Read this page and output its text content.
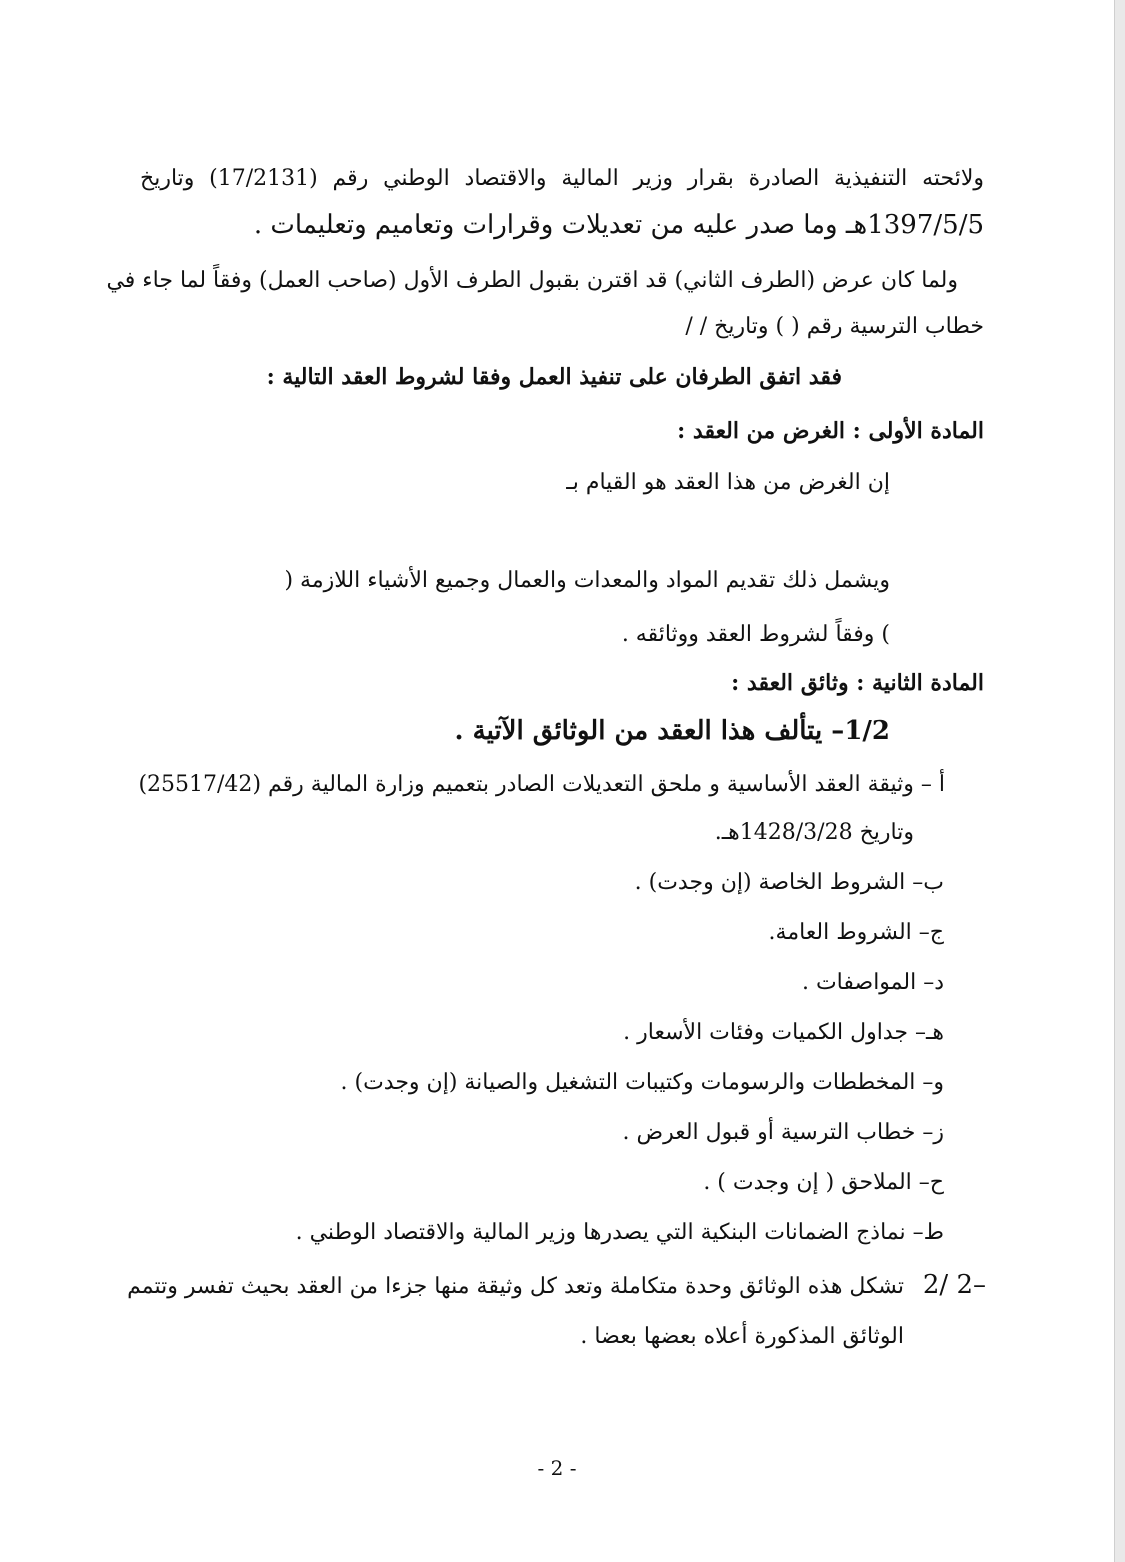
ولائحته التنفيذية الصادرة بقرار وزير المالية والاقتصاد الوطني رقم (17/2131) وتاريخ
1397/5/5هـ وما صدر عليه من تعديلات وقرارات وتعاميم وتعليمات .
ولما كان عرض (الطرف الثاني) قد اقترن بقبول الطرف الأول (صاحب العمل) وفقاً لما جاء في
خطاب الترسية رقم ( ) وتاريخ / /
فقد اتفق الطرفان على تنفيذ العمل وفقا لشروط العقد التالية :
المادة الأولى : الغرض من العقد :
إن الغرض من هذا العقد هو القيام بـ
ويشمل ذلك تقديم المواد والمعدات والعمال وجميع الأشياء اللازمة (
) وفقاً لشروط العقد ووثائقه .
المادة الثانية : وثائق العقد :
1/2– يتألف هذا العقد من الوثائق الآتية .
أ – وثيقة العقد الأساسية و ملحق التعديلات الصادر بتعميم وزارة المالية رقم (25517/42)
وتاريخ 1428/3/28هـ.
ب– الشروط الخاصة (إن وجدت) .
ج– الشروط العامة.
د– المواصفات .
هـ– جداول الكميات وفئات الأسعار .
و– المخططات والرسومات وكتيبات التشغيل والصيانة (إن وجدت) .
ز– خطاب الترسية أو قبول العرض .
ح– الملاحق ( إن وجدت ) .
ط– نماذج الضمانات البنكية التي يصدرها وزير المالية والاقتصاد الوطني .
2/ 2–
تشكل هذه الوثائق وحدة متكاملة وتعد كل وثيقة منها جزءا من العقد بحيث تفسر وتتمم
الوثائق المذكورة أعلاه بعضها بعضا .
- 2 -
